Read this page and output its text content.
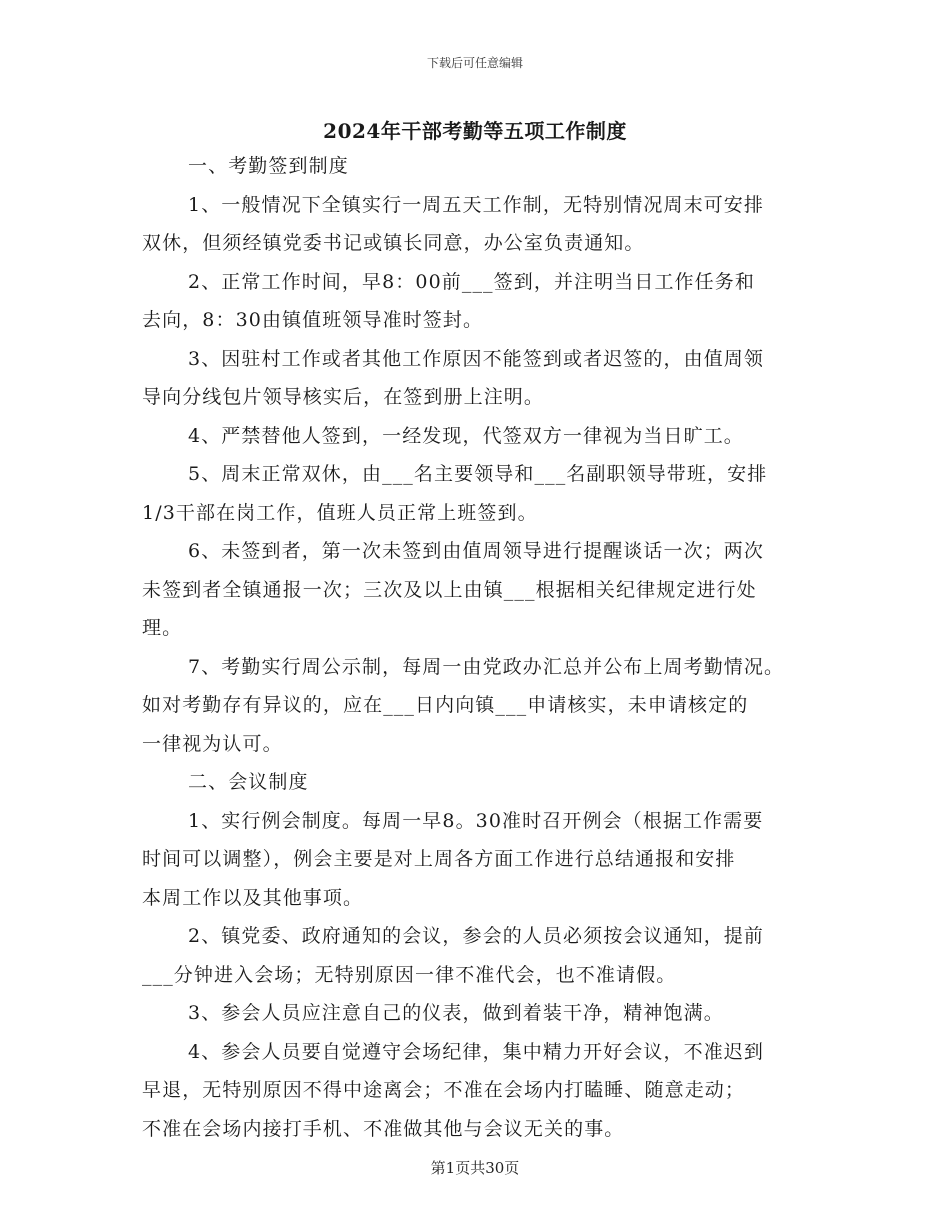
下载后可任意编辑
2024年干部考勤等五项工作制度
一、考勤签到制度
1、一般情况下全镇实行一周五天工作制，无特别情况周末可安排
双休，但须经镇党委书记或镇长同意，办公室负责通知。
2、正常工作时间，早8：00前___签到，并注明当日工作任务和
去向，8：30由镇值班领导准时签封。
3、因驻村工作或者其他工作原因不能签到或者迟签的，由值周领
导向分线包片领导核实后，在签到册上注明。
4、严禁替他人签到，一经发现，代签双方一律视为当日旷工。
5、周末正常双休，由___名主要领导和___名副职领导带班，安排
1/3干部在岗工作，值班人员正常上班签到。
6、未签到者，第一次未签到由值周领导进行提醒谈话一次；两次
未签到者全镇通报一次；三次及以上由镇___根据相关纪律规定进行处
理。
7、考勤实行周公示制，每周一由党政办汇总并公布上周考勤情况。
如对考勤存有异议的，应在___日内向镇___申请核实，未申请核定的
一律视为认可。
二、会议制度
1、实行例会制度。每周一早8。30准时召开例会（根据工作需要
时间可以调整），例会主要是对上周各方面工作进行总结通报和安排
本周工作以及其他事项。
2、镇党委、政府通知的会议，参会的人员必须按会议通知，提前
___分钟进入会场；无特别原因一律不准代会，也不准请假。
3、参会人员应注意自己的仪表，做到着装干净，精神饱满。
4、参会人员要自觉遵守会场纪律，集中精力开好会议，不准迟到
早退，无特别原因不得中途离会；不准在会场内打瞌睡、随意走动；
不准在会场内接打手机、不准做其他与会议无关的事。
第1页共30页
